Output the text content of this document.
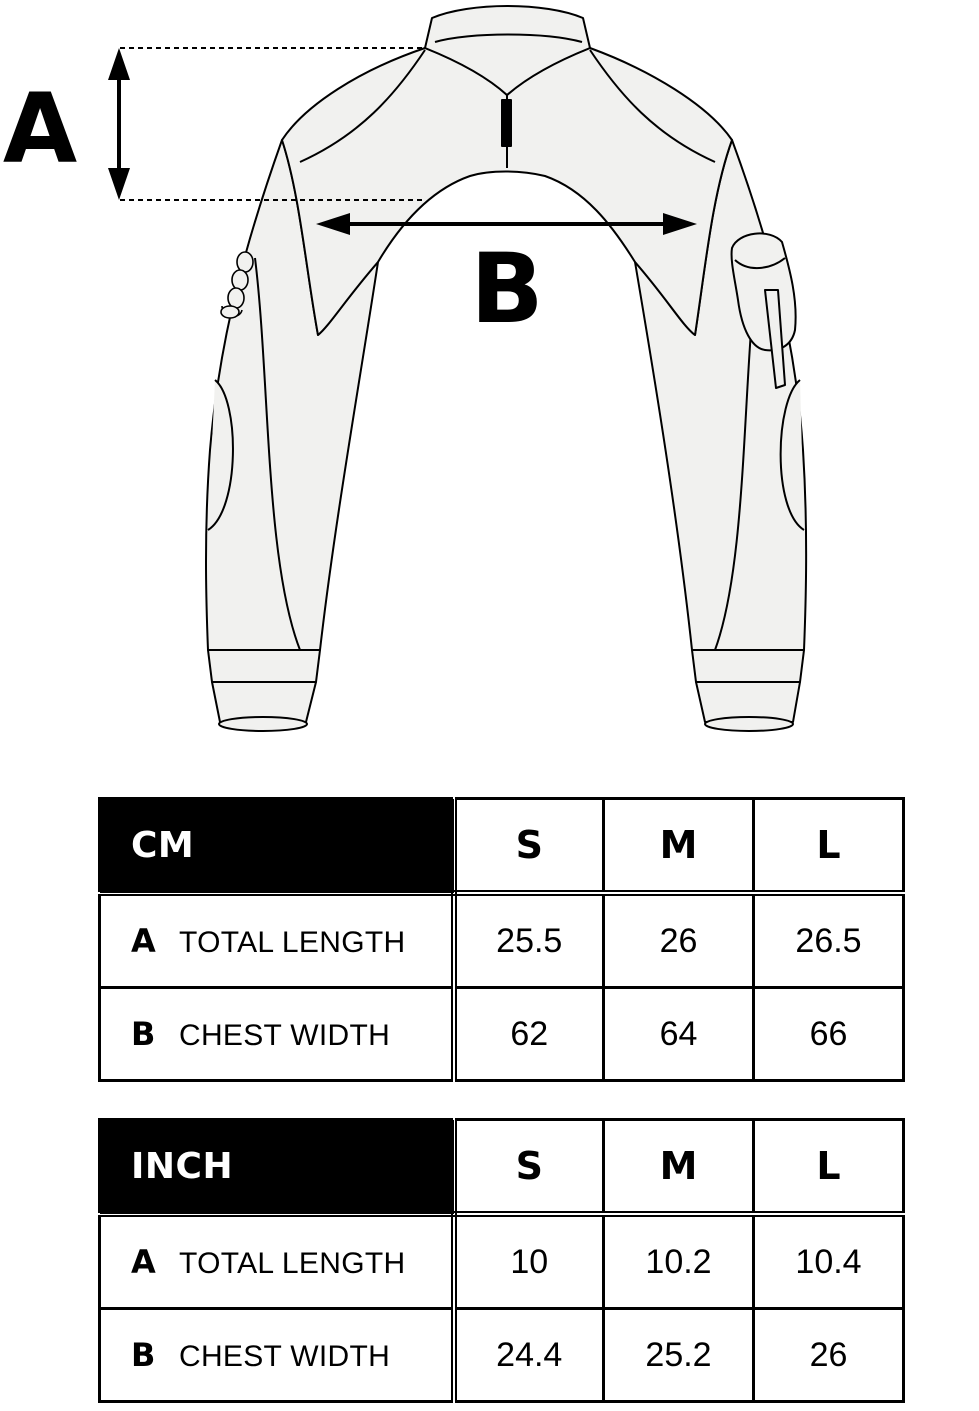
A
B
CM	S	M	L
A TOTAL LENGTH	25.5	26	26.5
B CHEST WIDTH	62	64	66
INCH	S	M	L
A TOTAL LENGTH	10	10.2	10.4
B CHEST WIDTH	24.4	25.2	26
